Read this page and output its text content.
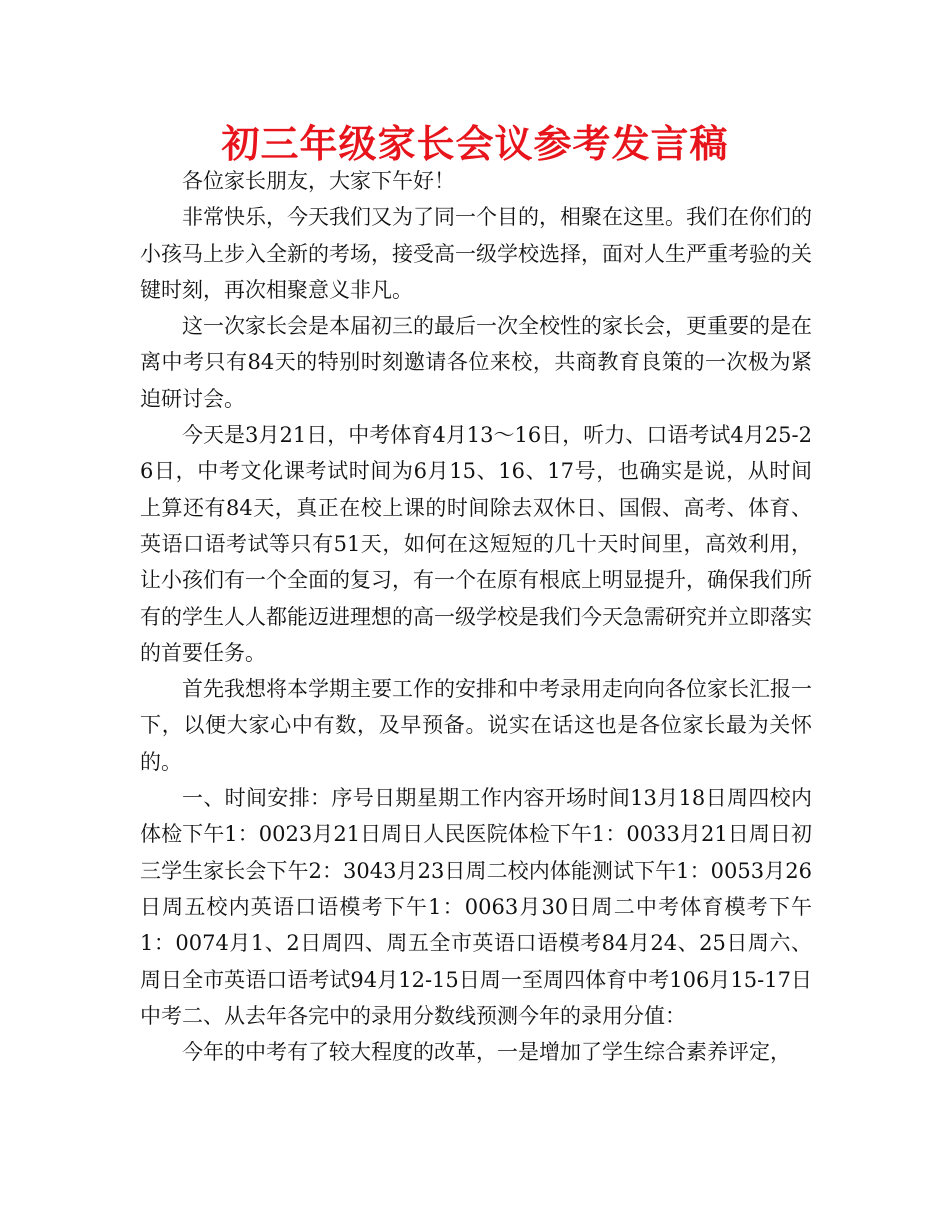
初三年级家长会议参考发言稿

各位家长朋友，大家下午好！

非常快乐，今天我们又为了同一个目的，相聚在这里。我们在你们的小孩马上步入全新的考场，接受高一级学校选择，面对人生严重考验的关键时刻，再次相聚意义非凡。

这一次家长会是本届初三的最后一次全校性的家长会，更重要的是在离中考只有84天的特别时刻邀请各位来校，共商教育良策的一次极为紧迫研讨会。

今天是3月21日，中考体育4月13～16日，听力、口语考试4月25-26日，中考文化课考试时间为6月15、16、17号，也确实是说，从时间上算还有84天，真正在校上课的时间除去双休日、国假、高考、体育、英语口语考试等只有51天，如何在这短短的几十天时间里，高效利用，让小孩们有一个全面的复习，有一个在原有根底上明显提升，确保我们所有的学生人人都能迈进理想的高一级学校是我们今天急需研究并立即落实的首要任务。

首先我想将本学期主要工作的安排和中考录用走向向各位家长汇报一下，以便大家心中有数，及早预备。说实在话这也是各位家长最为关怀的。

一、时间安排：序号日期星期工作内容开场时间13月18日周四校内体检下午1：0023月21日周日人民医院体检下午1：0033月21日周日初三学生家长会下午2：3043月23日周二校内体能测试下午1：0053月26日周五校内英语口语模考下午1：0063月30日周二中考体育模考下午1：0074月1、2日周四、周五全市英语口语模考84月24、25日周六、周日全市英语口语考试94月12-15日周一至周四体育中考106月15-17日中考二、从去年各完中的录用分数线预测今年的录用分值：

今年的中考有了较大程度的改革，一是增加了学生综合素养评定，
